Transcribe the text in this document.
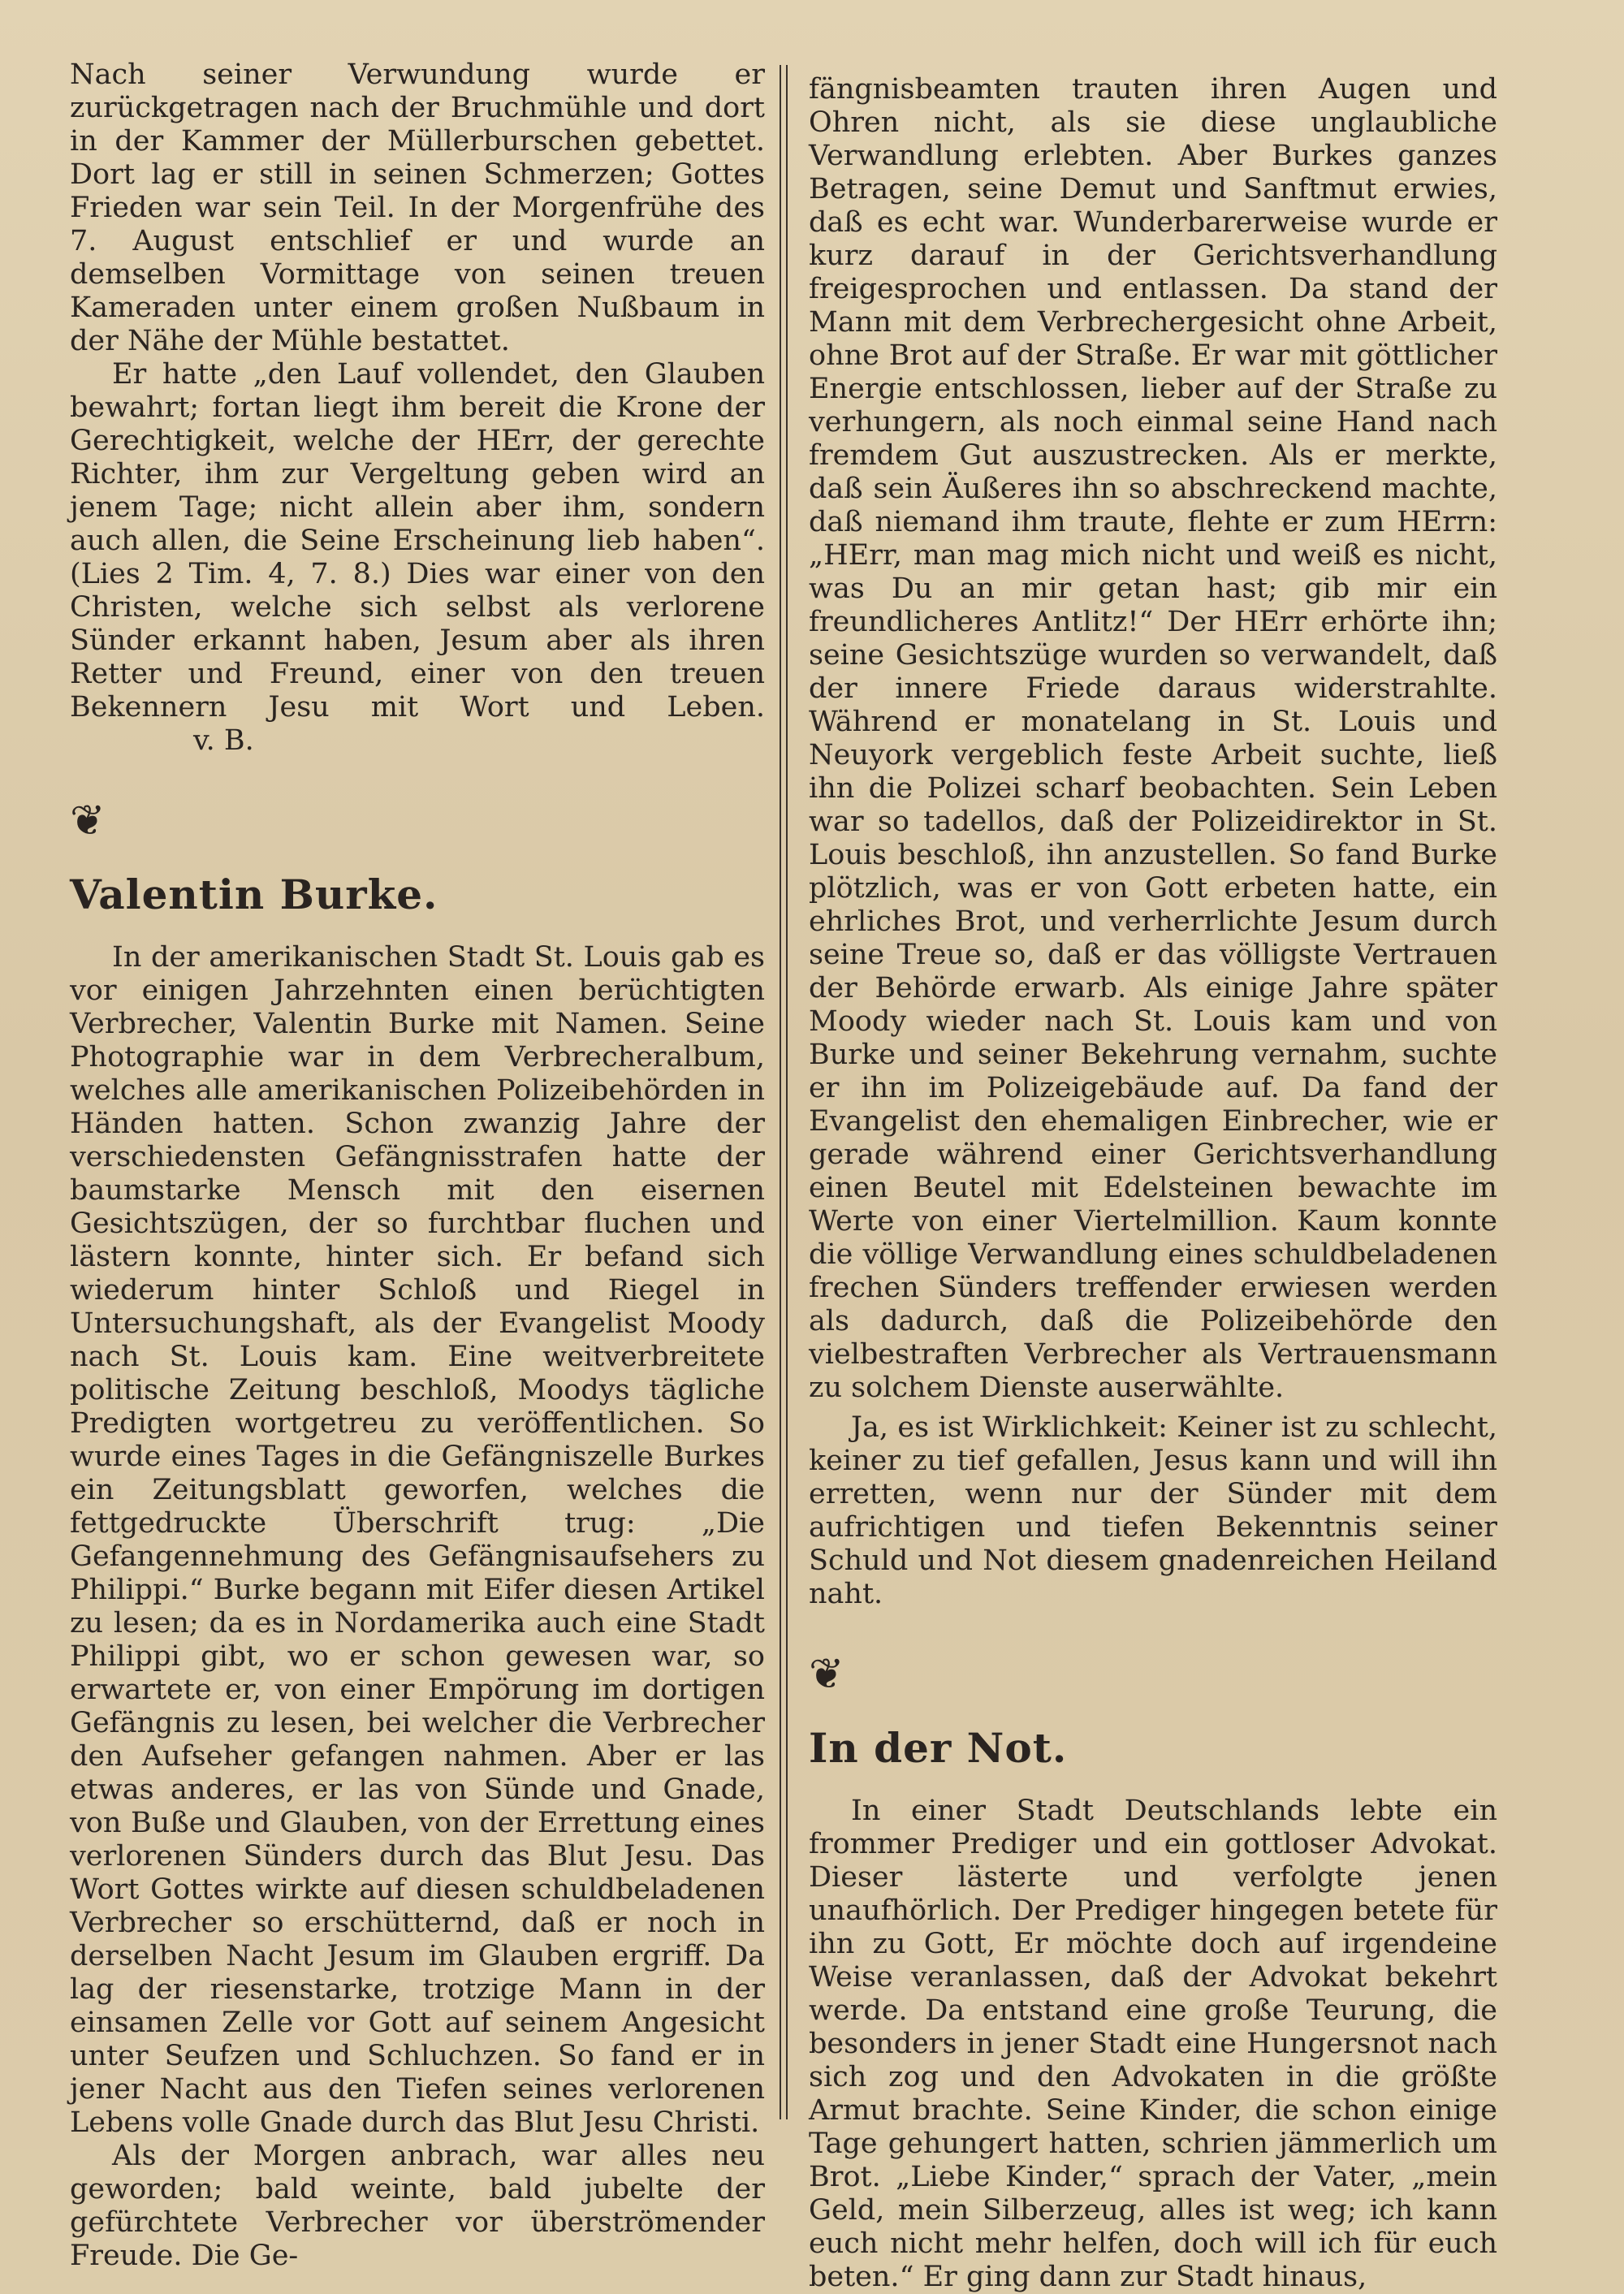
Nach seiner Verwundung wurde er zurückgetragen nach der Bruchmühle und dort in der Kammer der Müllerburschen gebettet. Dort lag er still in seinen Schmerzen; Gottes Frieden war sein Teil. In der Morgenfrühe des 7. August entschlief er und wurde an demselben Vormittage von seinen treuen Kameraden unter einem großen Nußbaum in der Nähe der Mühle bestattet.

Er hatte „den Lauf vollendet, den Glauben bewahrt; fortan liegt ihm bereit die Krone der Gerechtigkeit, welche der HErr, der gerechte Richter, ihm zur Vergeltung geben wird an jenem Tage; nicht allein aber ihm, sondern auch allen, die Seine Erscheinung lieb haben“. (Lies 2 Tim. 4, 7. 8.) Dies war einer von den Christen, welche sich selbst als verlorene Sünder erkannt haben, Jesum aber als ihren Retter und Freund, einer von den treuen Bekennern Jesu mit Wort und Leben.v. B.

❦
Valentin Burke.

In der amerikanischen Stadt St. Louis gab es vor einigen Jahrzehnten einen berüchtigten Verbrecher, Valentin Burke mit Namen. Seine Photographie war in dem Verbrecheralbum, welches alle amerikanischen Polizeibehörden in Händen hatten. Schon zwanzig Jahre der verschiedensten Gefängnisstrafen hatte der baumstarke Mensch mit den eisernen Gesichtszügen, der so furchtbar fluchen und lästern konnte, hinter sich. Er befand sich wiederum hinter Schloß und Riegel in Untersuchungshaft, als der Evangelist Moody nach St. Louis kam. Eine weitverbreitete politische Zeitung beschloß, Moodys tägliche Predigten wortgetreu zu veröffentlichen. So wurde eines Tages in die Gefängniszelle Burkes ein Zeitungsblatt geworfen, welches die fettgedruckte Überschrift trug: „Die Gefangennehmung des Gefängnisaufsehers zu Philippi.“ Burke begann mit Eifer diesen Artikel zu lesen; da es in Nordamerika auch eine Stadt Philippi gibt, wo er schon gewesen war, so erwartete er, von einer Empörung im dortigen Gefängnis zu lesen, bei welcher die Verbrecher den Aufseher gefangen nahmen. Aber er las etwas anderes, er las von Sünde und Gnade, von Buße und Glauben, von der Errettung eines verlorenen Sünders durch das Blut Jesu. Das Wort Gottes wirkte auf diesen schuldbeladenen Verbrecher so erschütternd, daß er noch in derselben Nacht Jesum im Glauben ergriff. Da lag der riesenstarke, trotzige Mann in der einsamen Zelle vor Gott auf seinem Angesicht unter Seufzen und Schluchzen. So fand er in jener Nacht aus den Tiefen seines verlorenen Lebens volle Gnade durch das Blut Jesu Christi.

Als der Morgen anbrach, war alles neu geworden; bald weinte, bald jubelte der gefürchtete Verbrecher vor überströmender Freude. Die Ge-

fängnisbeamten trauten ihren Augen und Ohren nicht, als sie diese unglaubliche Verwandlung erlebten. Aber Burkes ganzes Betragen, seine Demut und Sanftmut erwies, daß es echt war. Wunderbarerweise wurde er kurz darauf in der Gerichtsverhandlung freigesprochen und entlassen. Da stand der Mann mit dem Verbrechergesicht ohne Arbeit, ohne Brot auf der Straße. Er war mit göttlicher Energie entschlossen, lieber auf der Straße zu verhungern, als noch einmal seine Hand nach fremdem Gut auszustrecken. Als er merkte, daß sein Äußeres ihn so abschreckend machte, daß niemand ihm traute, flehte er zum HErrn: „HErr, man mag mich nicht und weiß es nicht, was Du an mir getan hast; gib mir ein freundlicheres Antlitz!“ Der HErr erhörte ihn; seine Gesichtszüge wurden so verwandelt, daß der innere Friede daraus widerstrahlte. Während er monatelang in St. Louis und Neuyork vergeblich feste Arbeit suchte, ließ ihn die Polizei scharf beobachten. Sein Leben war so tadellos, daß der Polizeidirektor in St. Louis beschloß, ihn anzustellen. So fand Burke plötzlich, was er von Gott erbeten hatte, ein ehrliches Brot, und verherrlichte Jesum durch seine Treue so, daß er das völligste Vertrauen der Behörde erwarb. Als einige Jahre später Moody wieder nach St. Louis kam und von Burke und seiner Bekehrung vernahm, suchte er ihn im Polizeigebäude auf. Da fand der Evangelist den ehemaligen Einbrecher, wie er gerade während einer Gerichtsverhandlung einen Beutel mit Edelsteinen bewachte im Werte von einer Viertelmillion. Kaum konnte die völlige Verwandlung eines schuldbeladenen frechen Sünders treffender erwiesen werden als dadurch, daß die Polizeibehörde den vielbestraften Verbrecher als Vertrauensmann zu solchem Dienste auserwählte.

Ja, es ist Wirklichkeit: Keiner ist zu schlecht, keiner zu tief gefallen, Jesus kann und will ihn erretten, wenn nur der Sünder mit dem aufrichtigen und tiefen Bekenntnis seiner Schuld und Not diesem gnadenreichen Heiland naht.

❦
In der Not.

In einer Stadt Deutschlands lebte ein frommer Prediger und ein gottloser Advokat. Dieser lästerte und verfolgte jenen unaufhörlich. Der Prediger hingegen betete für ihn zu Gott, Er möchte doch auf irgendeine Weise veranlassen, daß der Advokat bekehrt werde. Da entstand eine große Teurung, die besonders in jener Stadt eine Hungersnot nach sich zog und den Advokaten in die größte Armut brachte. Seine Kinder, die schon einige Tage gehungert hatten, schrien jämmerlich um Brot. „Liebe Kinder,“ sprach der Vater, „mein Geld, mein Silberzeug, alles ist weg; ich kann euch nicht mehr helfen, doch will ich für euch beten.“ Er ging dann zur Stadt hinaus,
